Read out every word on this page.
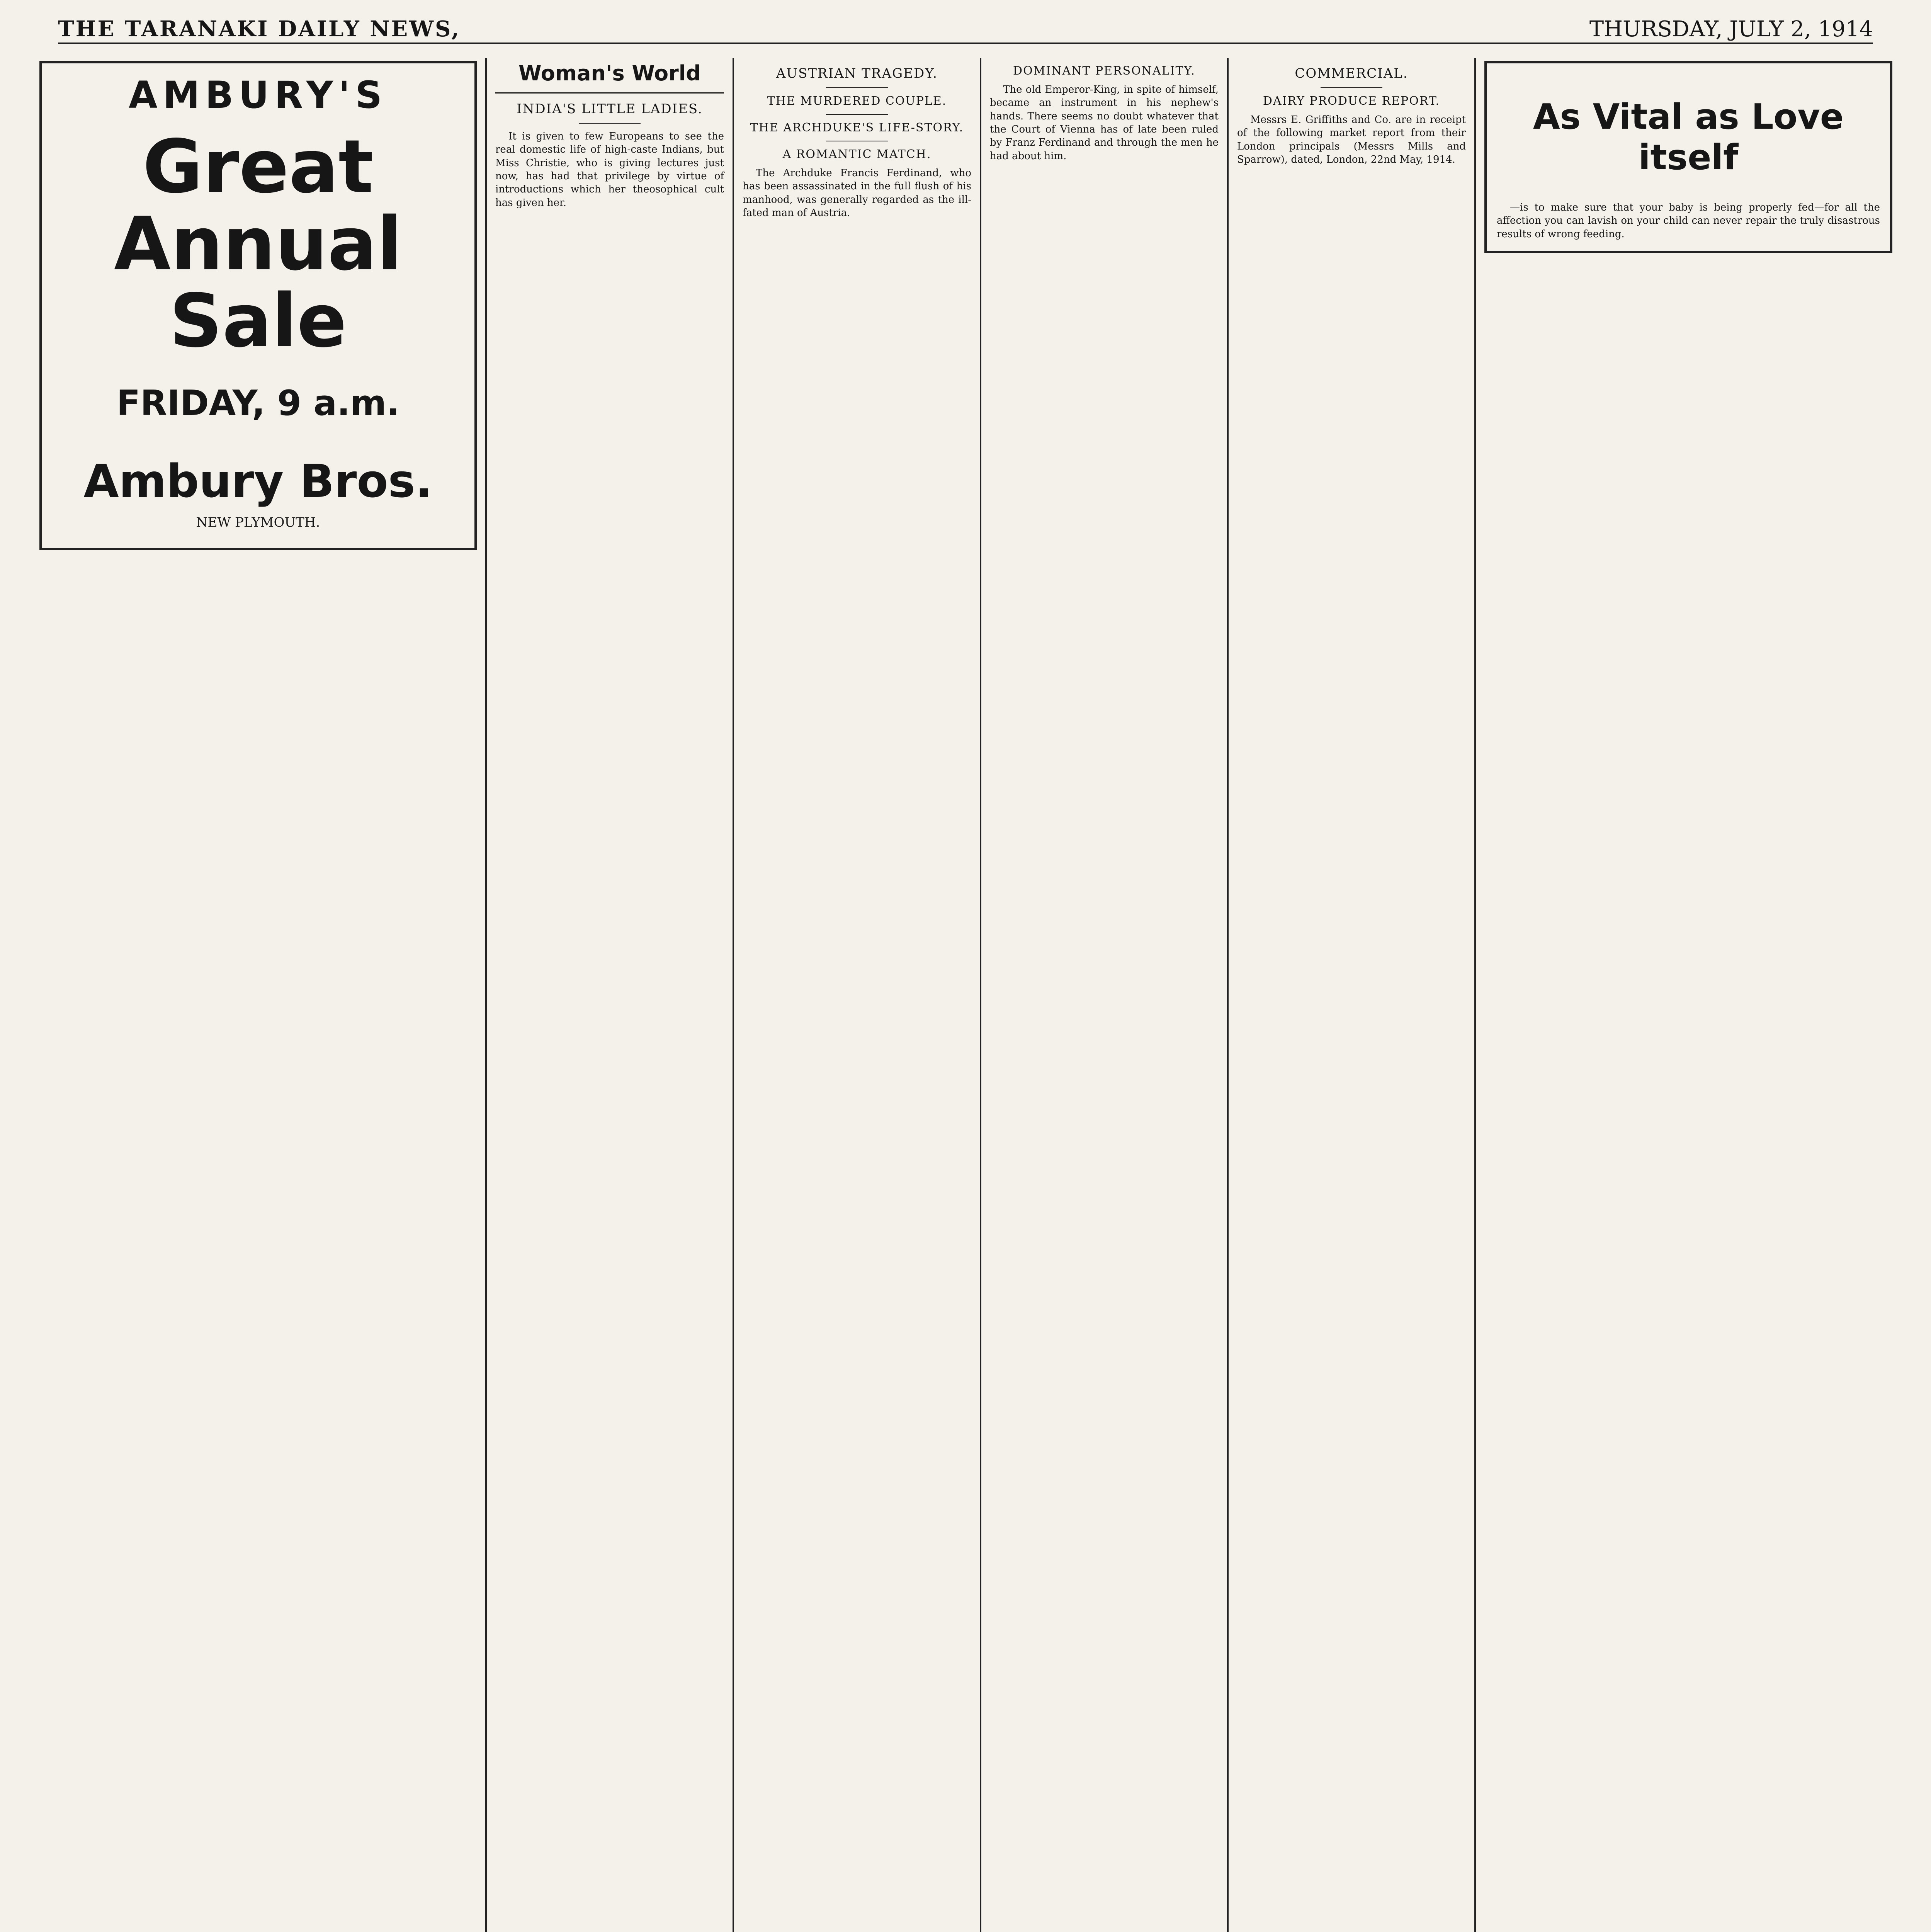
THE TARANAKI DAILY NEWS,	THURSDAY, JULY 2, 1914
AMBURY'S
Great Annual Sale
FRIDAY, 9 a.m.
Ambury Bros.
NEW PLYMOUTH.
Woman's World
INDIA'S LITTLE LADIES.

It is given to few Europeans to see the real domestic life of high-caste Indians, but Miss Christie, who is giving lectures just now, has had that privilege by virtue of introductions which her theosophical cult has given her.

AUSTRIAN TRAGEDY.
THE MURDERED COUPLE.
THE ARCHDUKE'S LIFE-STORY.
A ROMANTIC MATCH.

The Archduke Francis Ferdinand, who has been assassinated in the full flush of his manhood, was generally regarded as the ill-fated man of Austria.

DOMINANT PERSONALITY.

The old Emperor-King, in spite of himself, became an instrument in his nephew's hands. There seems no doubt whatever that the Court of Vienna has of late been ruled by Franz Ferdinand and through the men he had about him.

COMMERCIAL.
DAIRY PRODUCE REPORT.

Messrs E. Griffiths and Co. are in receipt of the following market report from their London principals (Messrs Mills and Sparrow), dated, London, 22nd May, 1914.

As Vital as Love itself

—is to make sure that your baby is being properly fed—for all the affection you can lavish on your child can never repair the truly disastrous results of wrong feeding.
